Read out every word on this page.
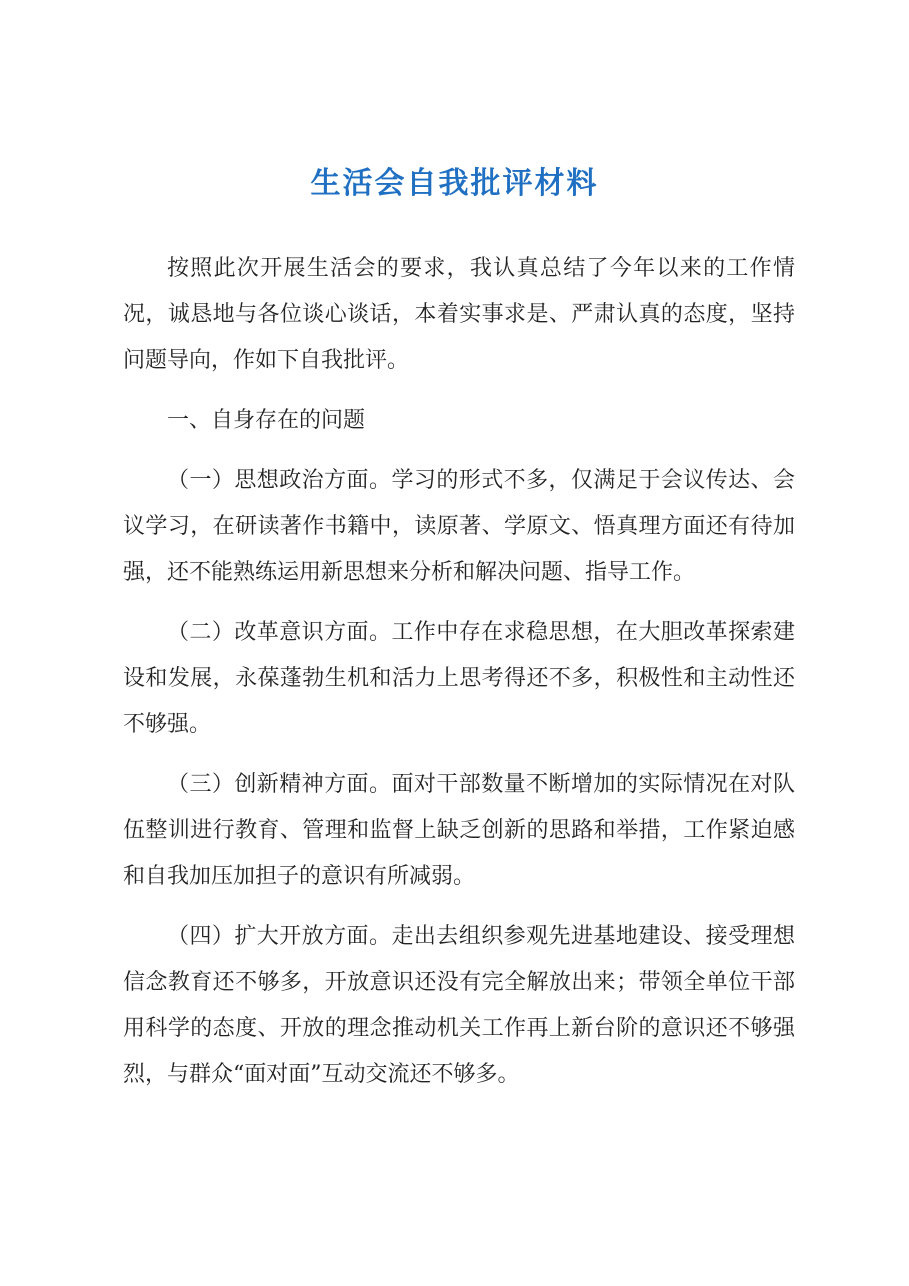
生活会自我批评材料

按照此次开展生活会的要求，我认真总结了今年以来的工作情况，诚恳地与各位谈心谈话，本着实事求是、严肃认真的态度，坚持问题导向，作如下自我批评。

一、自身存在的问题

（一）思想政治方面。学习的形式不多，仅满足于会议传达、会议学习，在研读著作书籍中，读原著、学原文、悟真理方面还有待加强，还不能熟练运用新思想来分析和解决问题、指导工作。

（二）改革意识方面。工作中存在求稳思想，在大胆改革探索建设和发展，永葆蓬勃生机和活力上思考得还不多，积极性和主动性还不够强。

（三）创新精神方面。面对干部数量不断增加的实际情况在对队伍整训进行教育、管理和监督上缺乏创新的思路和举措，工作紧迫感和自我加压加担子的意识有所减弱。

（四）扩大开放方面。走出去组织参观先进基地建设、接受理想信念教育还不够多，开放意识还没有完全解放出来；带领全单位干部用科学的态度、开放的理念推动机关工作再上新台阶的意识还不够强烈，与群众“面对面”互动交流还不够多。
